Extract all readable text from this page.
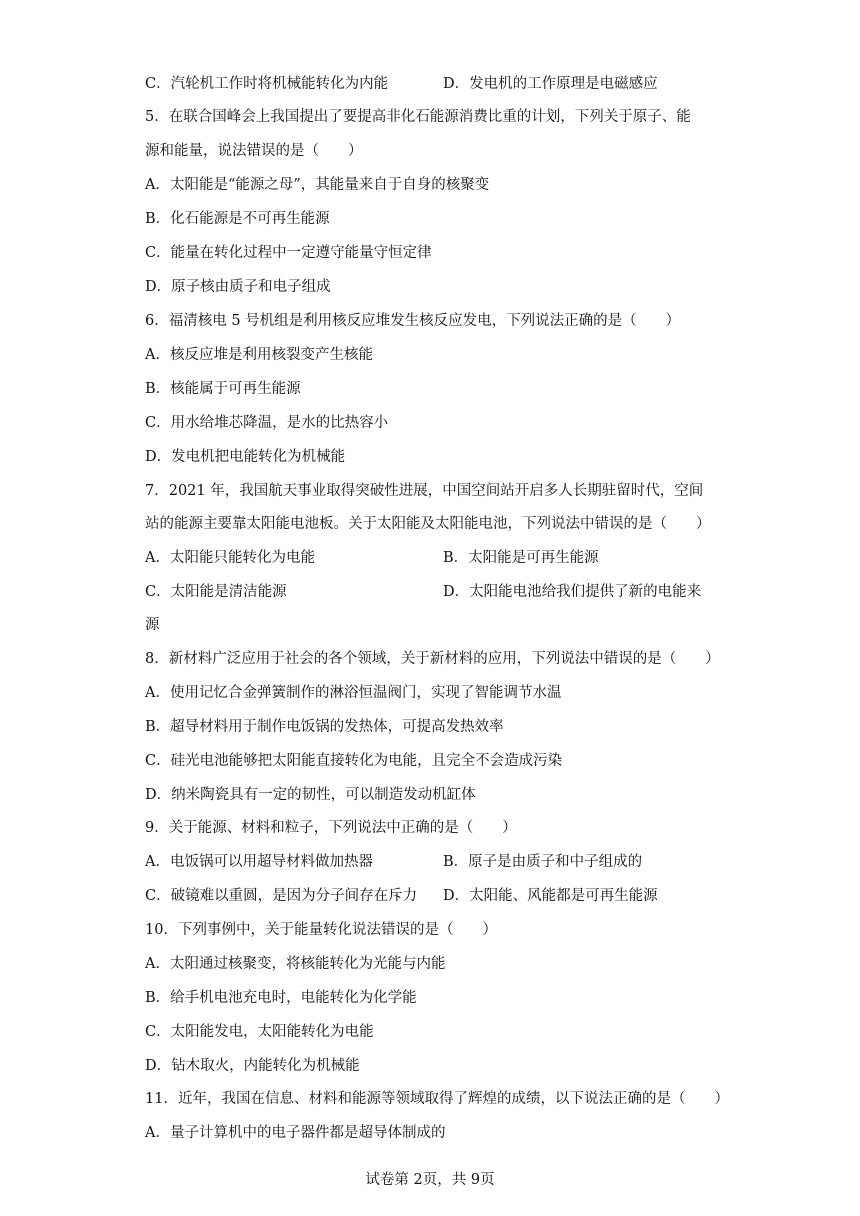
C．汽轮机工作时将机械能转化为内能	D．发电机的工作原理是电磁感应
5．在联合国峰会上我国提出了要提高非化石能源消费比重的计划，下列关于原子、能
源和能量，说法错误的是（　　）
A．太阳能是“能源之母”，其能量来自于自身的核聚变
B．化石能源是不可再生能源
C．能量在转化过程中一定遵守能量守恒定律
D．原子核由质子和电子组成
6．福清核电 5 号机组是利用核反应堆发生核反应发电，下列说法正确的是（　　）
A．核反应堆是利用核裂变产生核能
B．核能属于可再生能源
C．用水给堆芯降温，是水的比热容小
D．发电机把电能转化为机械能
7．2021 年，我国航天事业取得突破性进展，中国空间站开启多人长期驻留时代，空间
站的能源主要靠太阳能电池板。关于太阳能及太阳能电池，下列说法中错误的是（　　）
A．太阳能只能转化为电能	B．太阳能是可再生能源
C．太阳能是清洁能源	D．太阳能电池给我们提供了新的电能来
源
8．新材料广泛应用于社会的各个领域，关于新材料的应用，下列说法中错误的是（　　）
A．使用记忆合金弹簧制作的淋浴恒温阀门，实现了智能调节水温
B．超导材料用于制作电饭锅的发热体，可提高发热效率
C．硅光电池能够把太阳能直接转化为电能，且完全不会造成污染
D．纳米陶瓷具有一定的韧性，可以制造发动机缸体
9．关于能源、材料和粒子，下列说法中正确的是（　　）
A．电饭锅可以用超导材料做加热器	B．原子是由质子和中子组成的
C．破镜难以重圆，是因为分子间存在斥力 D．太阳能、风能都是可再生能源
10．下列事例中，关于能量转化说法错误的是（　　）
A．太阳通过核聚变，将核能转化为光能与内能
B．给手机电池充电时，电能转化为化学能
C．太阳能发电，太阳能转化为电能
D．钻木取火，内能转化为机械能
11．近年，我国在信息、材料和能源等领域取得了辉煌的成绩，以下说法正确的是（　　）
A．量子计算机中的电子器件都是超导体制成的
试卷第 2页，共 9页
